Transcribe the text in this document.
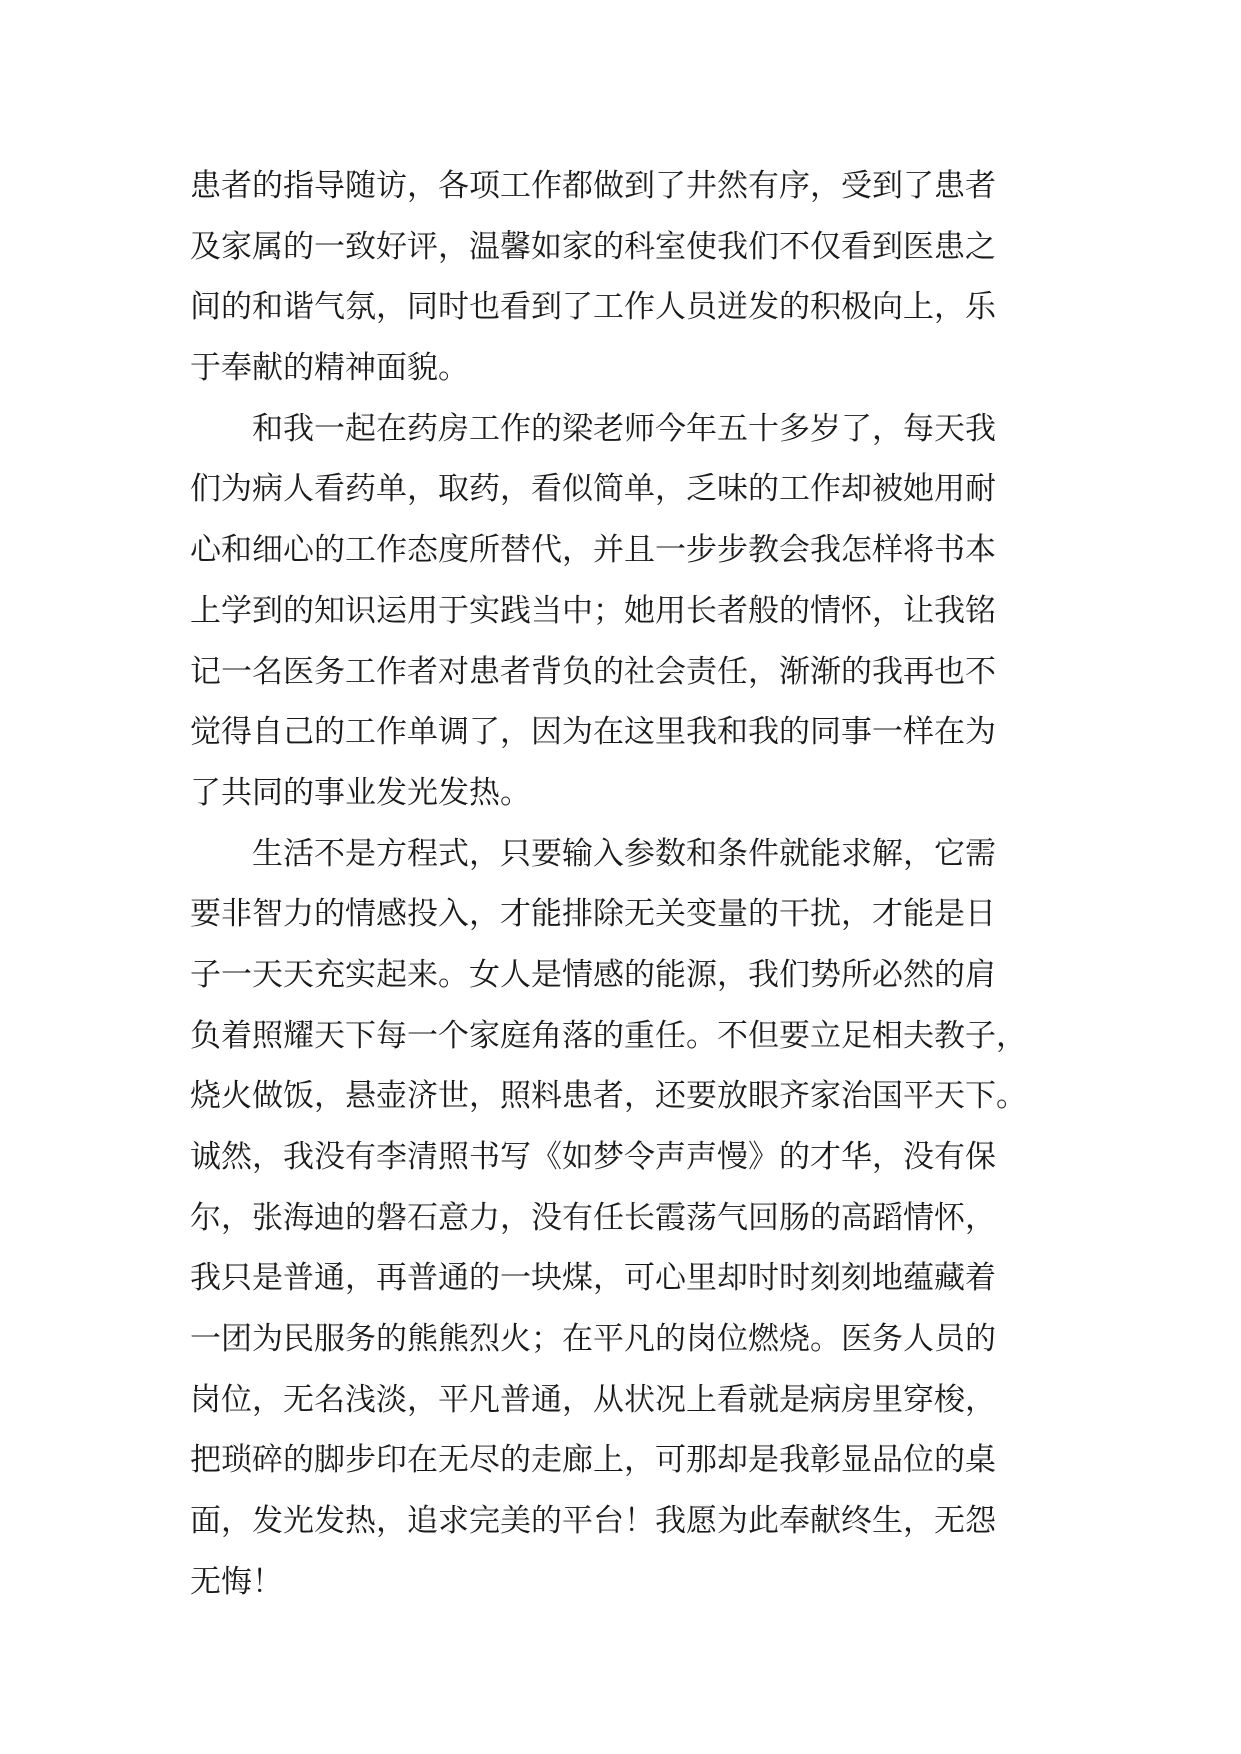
患者的指导随访，各项工作都做到了井然有序，受到了患者
及家属的一致好评，温馨如家的科室使我们不仅看到医患之
间的和谐气氛，同时也看到了工作人员迸发的积极向上，乐
于奉献的精神面貌。
　　和我一起在药房工作的梁老师今年五十多岁了，每天我
们为病人看药单，取药，看似简单，乏味的工作却被她用耐
心和细心的工作态度所替代，并且一步步教会我怎样将书本
上学到的知识运用于实践当中；她用长者般的情怀，让我铭
记一名医务工作者对患者背负的社会责任，渐渐的我再也不
觉得自己的工作单调了，因为在这里我和我的同事一样在为
了共同的事业发光发热。
　　生活不是方程式，只要输入参数和条件就能求解，它需
要非智力的情感投入，才能排除无关变量的干扰，才能是日
子一天天充实起来。女人是情感的能源，我们势所必然的肩
负着照耀天下每一个家庭角落的重任。不但要立足相夫教子，
烧火做饭，悬壶济世，照料患者，还要放眼齐家治国平天下。
诚然，我没有李清照书写《如梦令声声慢》的才华，没有保
尔，张海迪的磐石意力，没有任长霞荡气回肠的高蹈情怀，
我只是普通，再普通的一块煤，可心里却时时刻刻地蕴藏着
一团为民服务的熊熊烈火；在平凡的岗位燃烧。医务人员的
岗位，无名浅淡，平凡普通，从状况上看就是病房里穿梭，
把琐碎的脚步印在无尽的走廊上，可那却是我彰显品位的桌
面，发光发热，追求完美的平台！我愿为此奉献终生，无怨
无悔！
